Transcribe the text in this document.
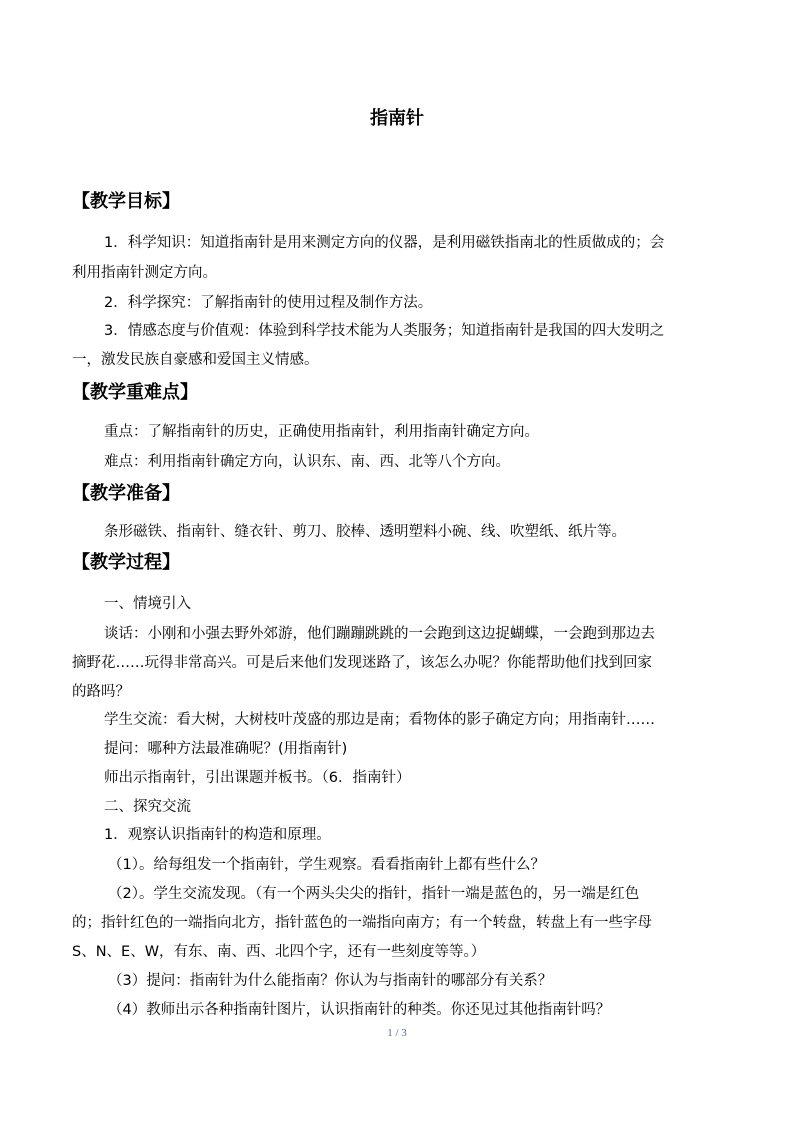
指南针
【教学目标】
1．科学知识：知道指南针是用来测定方向的仪器，是利用磁铁指南北的性质做成的；会
利用指南针测定方向。
2．科学探究：了解指南针的使用过程及制作方法。
3．情感态度与价值观：体验到科学技术能为人类服务；知道指南针是我国的四大发明之
一，激发民族自豪感和爱国主义情感。
【教学重难点】
重点：了解指南针的历史，正确使用指南针，利用指南针确定方向。
难点：利用指南针确定方向，认识东、南、西、北等八个方向。
【教学准备】
条形磁铁、指南针、缝衣针、剪刀、胶棒、透明塑料小碗、线、吹塑纸、纸片等。
【教学过程】
一、情境引入
谈话：小刚和小强去野外郊游，他们蹦蹦跳跳的一会跑到这边捉蝴蝶，一会跑到那边去
摘野花……玩得非常高兴。可是后来他们发现迷路了，该怎么办呢？你能帮助他们找到回家
的路吗？
学生交流：看大树，大树枝叶茂盛的那边是南；看物体的影子确定方向；用指南针……
提问：哪种方法最准确呢？(用指南针)
师出示指南针，引出课题并板书。（6．指南针）
二、探究交流
1．观察认识指南针的构造和原理。
（1）。给每组发一个指南针，学生观察。看看指南针上都有些什么？
（2）。学生交流发现。（有一个两头尖尖的指针，指针一端是蓝色的，另一端是红色
的；指针红色的一端指向北方，指针蓝色的一端指向南方；有一个转盘，转盘上有一些字母
S、N、E、W，有东、南、西、北四个字，还有一些刻度等等。）
（3）提问：指南针为什么能指南？你认为与指南针的哪部分有关系？
（4）教师出示各种指南针图片，认识指南针的种类。你还见过其他指南针吗？
1 / 3
